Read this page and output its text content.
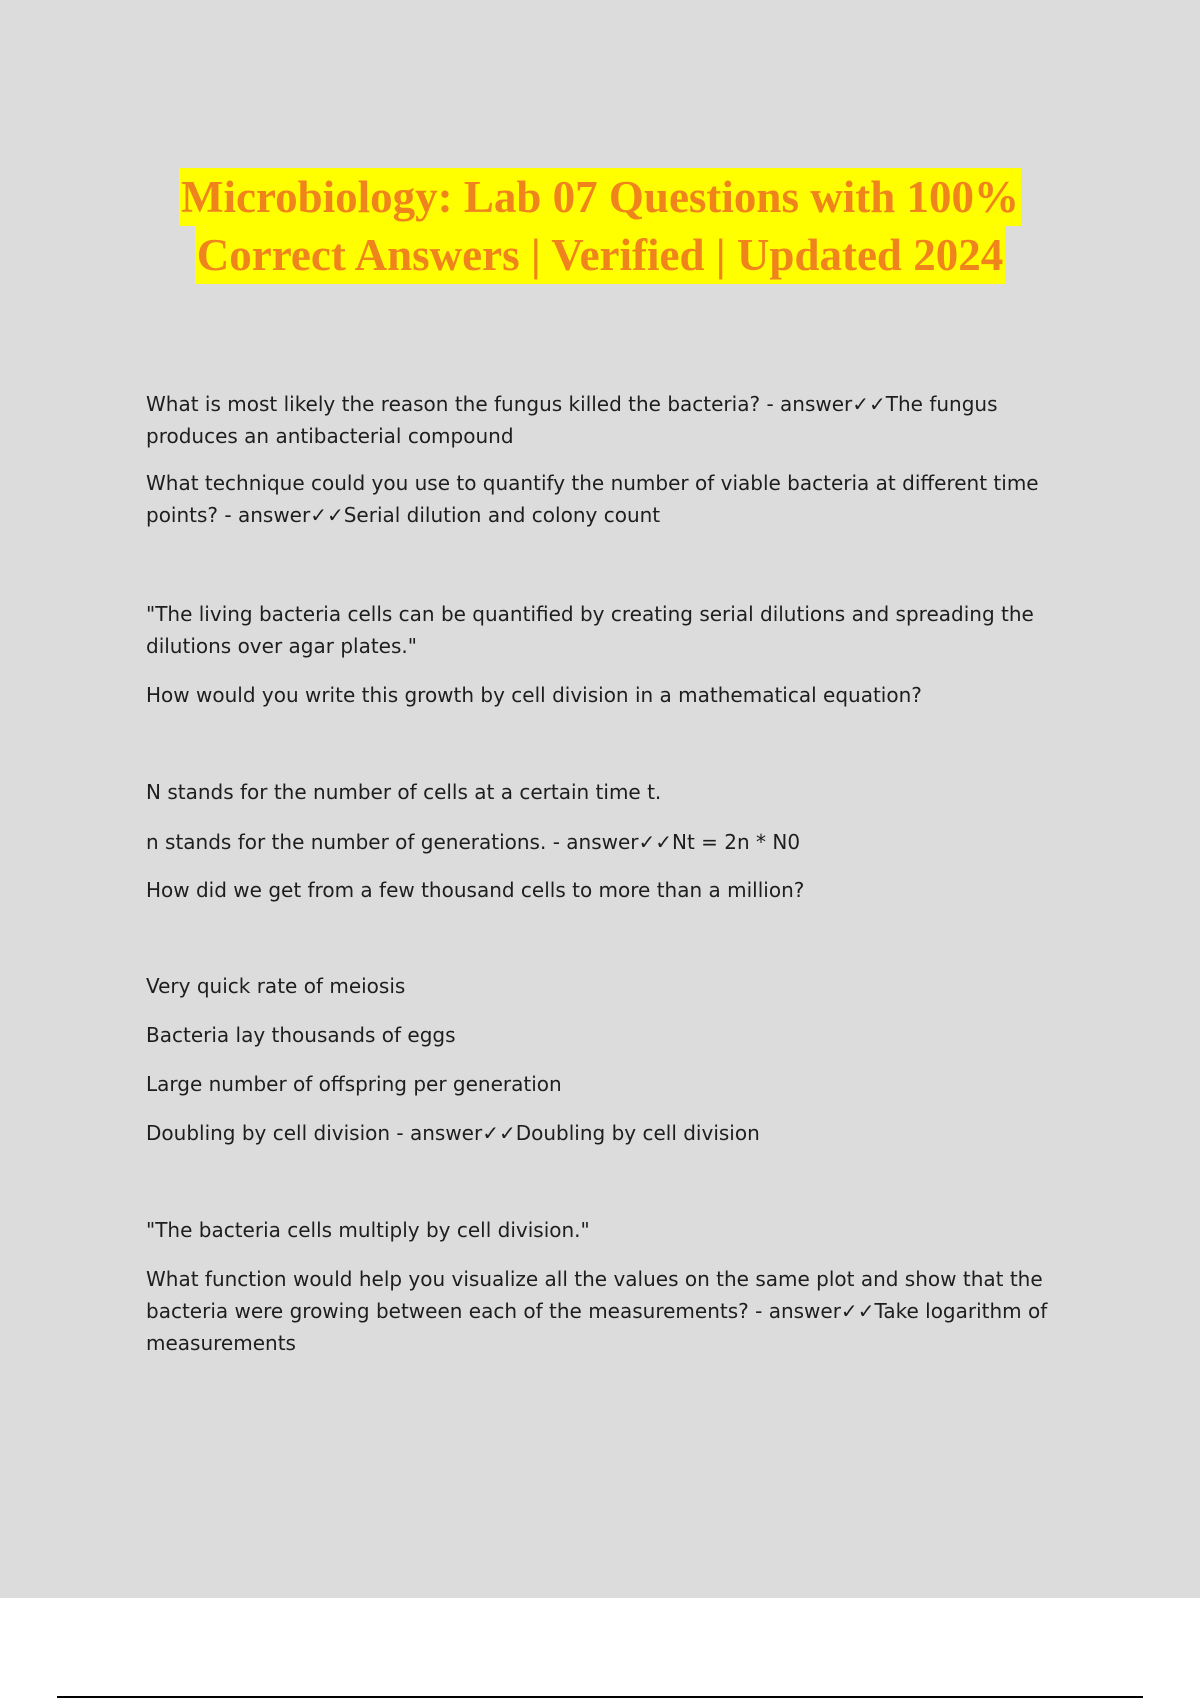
Microbiology: Lab 07 Questions with 100%
Correct Answers | Verified | Updated 2024

What is most likely the reason the fungus killed the bacteria? - answer✓✓The fungus produces an antibacterial compound

What technique could you use to quantify the number of viable bacteria at different time points? - answer✓✓Serial dilution and colony count

"The living bacteria cells can be quantified by creating serial dilutions and spreading the dilutions over agar plates."

How would you write this growth by cell division in a mathematical equation?

N stands for the number of cells at a certain time t.

n stands for the number of generations. - answer✓✓Nt = 2n * N0

How did we get from a few thousand cells to more than a million?

Very quick rate of meiosis

Bacteria lay thousands of eggs

Large number of offspring per generation

Doubling by cell division - answer✓✓Doubling by cell division

"The bacteria cells multiply by cell division."

What function would help you visualize all the values on the same plot and show that the bacteria were growing between each of the measurements? - answer✓✓Take logarithm of measurements
